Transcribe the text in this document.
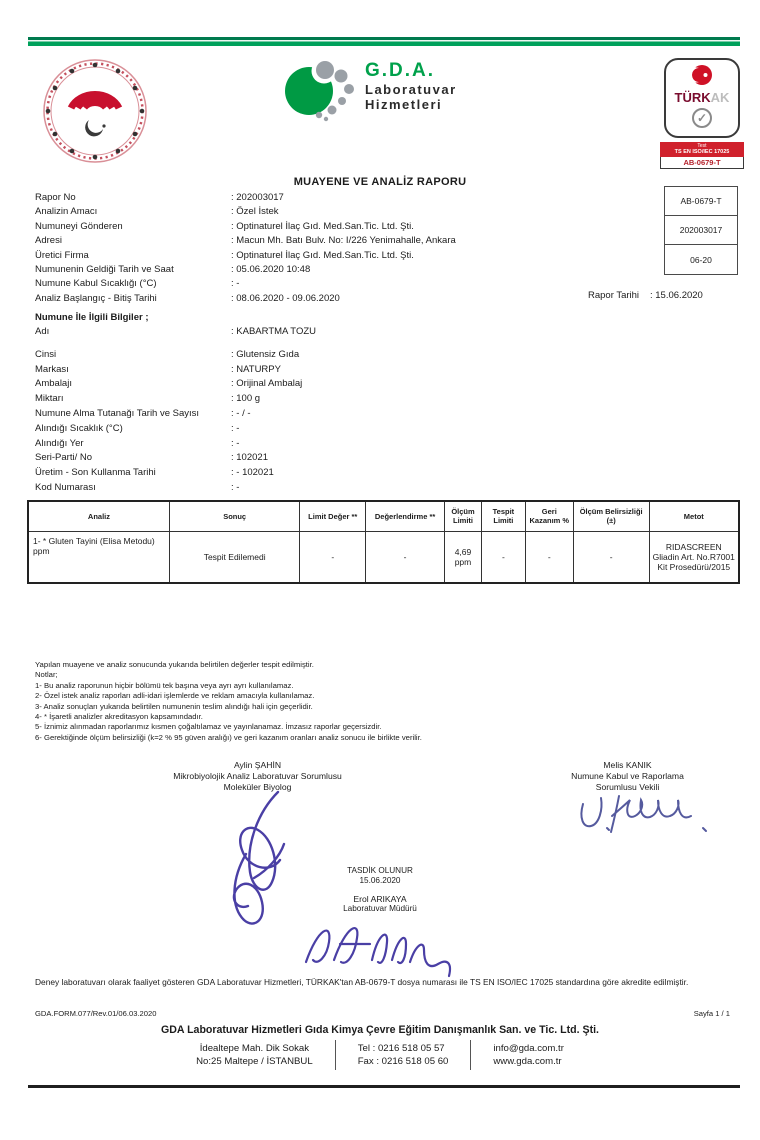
G.D.A.
Laboratuvar
Hizmetleri	TÜRKAK
✓
Test
TS EN ISO/IEC 17025
AB-0679-T
MUAYENE VE ANALİZ RAPORU
Rapor No	: 202003017
Analizin Amacı	: Özel İstek
Numuneyi Gönderen	: Optinaturel İlaç Gıd. Med.San.Tic. Ltd. Şti.
Adresi	: Macun Mh. Batı Bulv. No: I/226 Yenimahalle, Ankara
Üretici Firma	: Optinaturel İlaç Gıd. Med.San.Tic. Ltd. Şti.
Numunenin Geldiği Tarih ve Saat	: 05.06.2020 10:48
Numune Kabul Sıcaklığı (°C)	: -
Analiz Başlangıç - Bitiş Tarihi	: 08.06.2020 - 09.06.2020
AB-0679-T
202003017
06-20
Rapor Tarihi	: 15.06.2020
Numune İle İlgili Bilgiler ;
Adı	: KABARTMA TOZU
Cinsi	: Glutensiz Gıda
Markası	: NATURPY
Ambalajı	: Orijinal Ambalaj
Miktarı	: 100 g
Numune Alma Tutanağı Tarih ve Sayısı	: - / -
Alındığı Sıcaklık (°C)	: -
Alındığı Yer	: -
Seri-Parti/ No	: 102021
Üretim - Son Kullanma Tarihi	: - 102021
Kod Numarası	: -
Analiz	Sonuç	Limit Değer **	Değerlendirme **	Ölçüm Limiti	Tespit Limiti	Geri Kazanım %	Ölçüm Belirsizliği (±)	Metot
1- * Gluten Tayini (Elisa Metodu) ppm	Tespit Edilemedi	-	-	4,69 ppm	-	-	-	RIDASCREEN Gliadin Art. No.R7001 Kit Prosedürü/2015
Yapılan muayene ve analiz sonucunda yukarıda belirtilen değerler tespit edilmiştir.
Notlar;
1- Bu analiz raporunun hiçbir bölümü tek başına veya ayrı ayrı kullanılamaz.
2- Özel istek analiz raporları adli-idari işlemlerde ve reklam amacıyla kullanılamaz.
3- Analiz sonuçları yukarıda belirtilen numunenin teslim alındığı hali için geçerlidir.
4- * İşaretli analizler akreditasyon kapsamındadır.
5- İznimiz alınmadan raporlarımız kısmen çoğaltılamaz ve yayınlanamaz. İmzasız raporlar geçersizdir.
6- Gerektiğinde ölçüm belirsizliği (k=2 % 95 güven aralığı) ve geri kazanım oranları analiz sonucu ile birlikte verilir.
Aylin ŞAHİN
Mikrobiyolojik Analiz Laboratuvar Sorumlusu
Moleküler Biyolog
Melis KANIK
Numune Kabul ve Raporlama
Sorumlusu Vekili
TASDİK OLUNUR
15.06.2020
Erol ARIKAYA
Laboratuvar Müdürü
Deney laboratuvarı olarak faaliyet gösteren GDA Laboratuvar Hizmetleri, TÜRKAK'tan AB-0679-T dosya numarası ile TS EN ISO/IEC 17025 standardına göre akredite edilmiştir.
GDA.FORM.077/Rev.01/06.03.2020	Sayfa 1 / 1
GDA Laboratuvar Hizmetleri Gıda Kimya Çevre Eğitim Danışmanlık San. ve Tic. Ltd. Şti.
İdealtepe Mah. Dik Sokak
No:25 Maltepe / İSTANBUL
Tel : 0216 518 05 57
Fax : 0216 518 05 60
info@gda.com.tr
www.gda.com.tr
